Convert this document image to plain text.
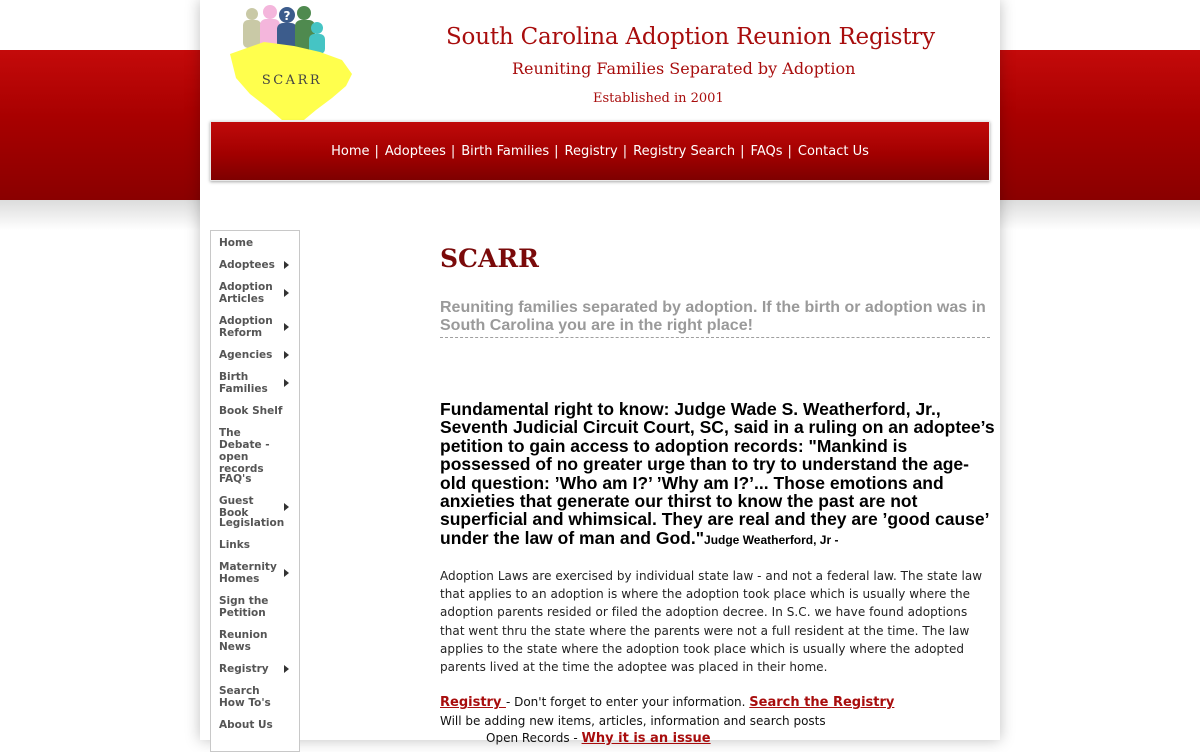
?
SCARR
South Carolina Adoption Reunion Registry
Reuniting Families Separated by Adoption
Established in 2001
Home | Adoptees | Birth Families | Registry | Registry Search | FAQs | Contact Us
Home
Adoptees
Adoption Articles
Adoption Reform
Agencies
Birth Families
Book Shelf
The Debate - open records
FAQ's
Guest Book
Legislation
Links
Maternity Homes
Sign the Petition
Reunion News
Registry
Search How To's
About Us
SCARR
Reuniting families separated by adoption. If the birth or adoption was in South Carolina you are in the right place!
Fundamental right to know: Judge Wade S. Weatherford, Jr., Seventh Judicial Circuit Court, SC, said in a ruling on an adoptee’s petition to gain access to adoption records: "Mankind is possessed of no greater urge than to try to understand the age-old question: ’Who am I?’ ’Why am I?’... Those emotions and anxieties that generate our thirst to know the past are not superficial and whimsical. They are real and they are ’good cause’ under the law of man and God."Judge Weatherford, Jr -
Adoption Laws are exercised by individual state law - and not a federal law. The state law that applies to an adoption is where the adoption took place which is usually where the adoption parents resided or filed the adoption decree. In S.C. we have found adoptions that went thru the state where the parents were not a full resident at the time. The law applies to the state where the adoption took place which is usually where the adopted parents lived at the time the adoptee was placed in their home.
Registry - Don't forget to enter your information. Search the Registry
Will be adding new items, articles, information and search posts
Open Records - Why it is an issue
